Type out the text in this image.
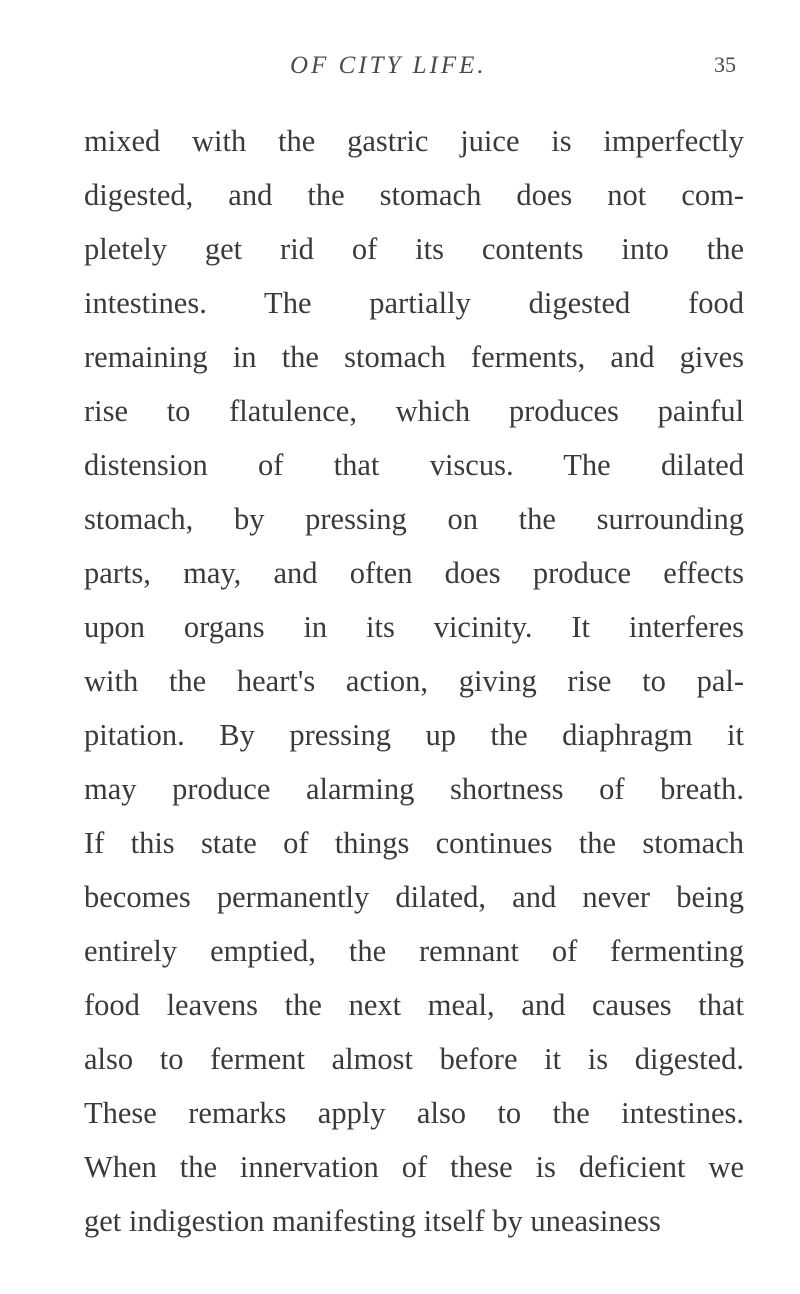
OF CITY LIFE.	35
mixed with the gastric juice is imperfectly
digested, and the stomach does not com-
pletely get rid of its contents into the
intestines. The partially digested food
remaining in the stomach ferments, and gives
rise to flatulence, which produces painful
distension of that viscus. The dilated
stomach, by pressing on the surrounding
parts, may, and often does produce effects
upon organs in its vicinity. It interferes
with the heart's action, giving rise to pal-
pitation. By pressing up the diaphragm it
may produce alarming shortness of breath.
If this state of things continues the stomach
becomes permanently dilated, and never being
entirely emptied, the remnant of fermenting
food leavens the next meal, and causes that
also to ferment almost before it is digested.
These remarks apply also to the intestines.
When the innervation of these is deficient we
get indigestion manifesting itself by uneasiness
